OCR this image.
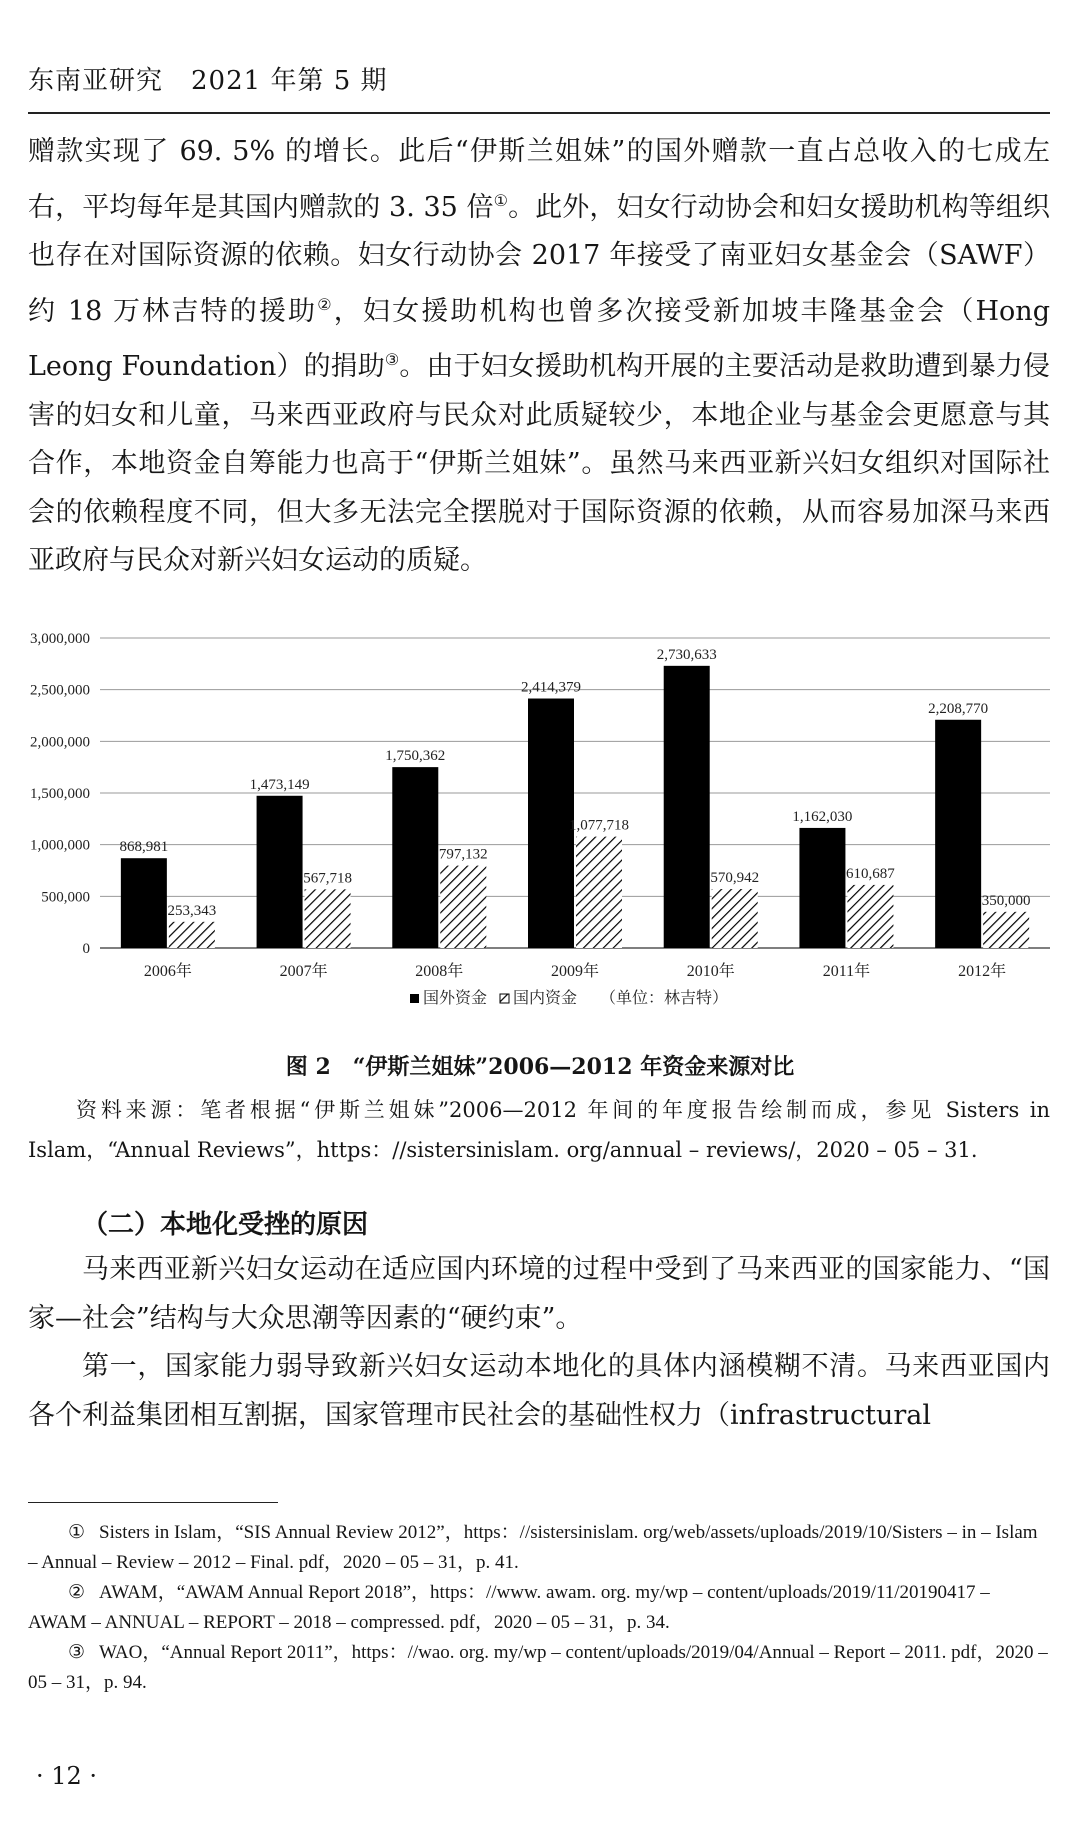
东南亚研究 2021 年第 5 期

赠款实现了 69. 5% 的增长。此后“伊斯兰姐妹”的国外赠款一直占总收入的七成左右，平均每年是其国内赠款的 3. 35 倍①。此外，妇女行动协会和妇女援助机构等组织也存在对国际资源的依赖。妇女行动协会 2017 年接受了南亚妇女基金会（SAWF）约 18 万林吉特的援助②，妇女援助机构也曾多次接受新加坡丰隆基金会（Hong Leong Foundation）的捐助③。由于妇女援助机构开展的主要活动是救助遭到暴力侵害的妇女和儿童，马来西亚政府与民众对此质疑较少，本地企业与基金会更愿意与其合作，本地资金自筹能力也高于“伊斯兰姐妹”。虽然马来西亚新兴妇女组织对国际社会的依赖程度不同，但大多无法完全摆脱对于国际资源的依赖，从而容易加深马来西亚政府与民众对新兴妇女运动的质疑。

868,981
253,343
1,473,149
567,718
1,750,362
797,132
2,414,379
1,077,718
2,730,633
570,942
1,162,030
610,687
2,208,770
350,000
0
500,000
1,000,000
1,500,000
2,000,000
2,500,000
3,000,000
2006年	2007年	2008年	2009年	2010年	2011年	2012年
国外资金 国内资金 （单位：林吉特）

图 2　“伊斯兰姐妹”2006—2012 年资金来源对比

资料来源：笔者根据“伊斯兰姐妹”2006—2012 年间的年度报告绘制而成，参见 Sisters in Islam，“Annual Reviews”，https：//sistersinislam. org/annual – reviews/，2020 – 05 – 31.

（二）本地化受挫的原因

马来西亚新兴妇女运动在适应国内环境的过程中受到了马来西亚的国家能力、“国家—社会”结构与大众思潮等因素的“硬约束”。

第一，国家能力弱导致新兴妇女运动本地化的具体内涵模糊不清。马来西亚国内各个利益集团相互割据，国家管理市民社会的基础性权力（infrastructural

① Sisters in Islam，“SIS Annual Review 2012”，https：//sistersinislam. org/web/assets/uploads/2019/10/Sisters – in – Islam – Annual – Review – 2012 – Final. pdf，2020 – 05 – 31，p. 41.

② AWAM，“AWAM Annual Report 2018”，https：//www. awam. org. my/wp – content/uploads/2019/11/20190417 – AWAM – ANNUAL – REPORT – 2018 – compressed. pdf，2020 – 05 – 31，p. 34.

③ WAO，“Annual Report 2011”，https：//wao. org. my/wp – content/uploads/2019/04/Annual – Report – 2011. pdf，2020 – 05 – 31，p. 94.

· 12 ·
